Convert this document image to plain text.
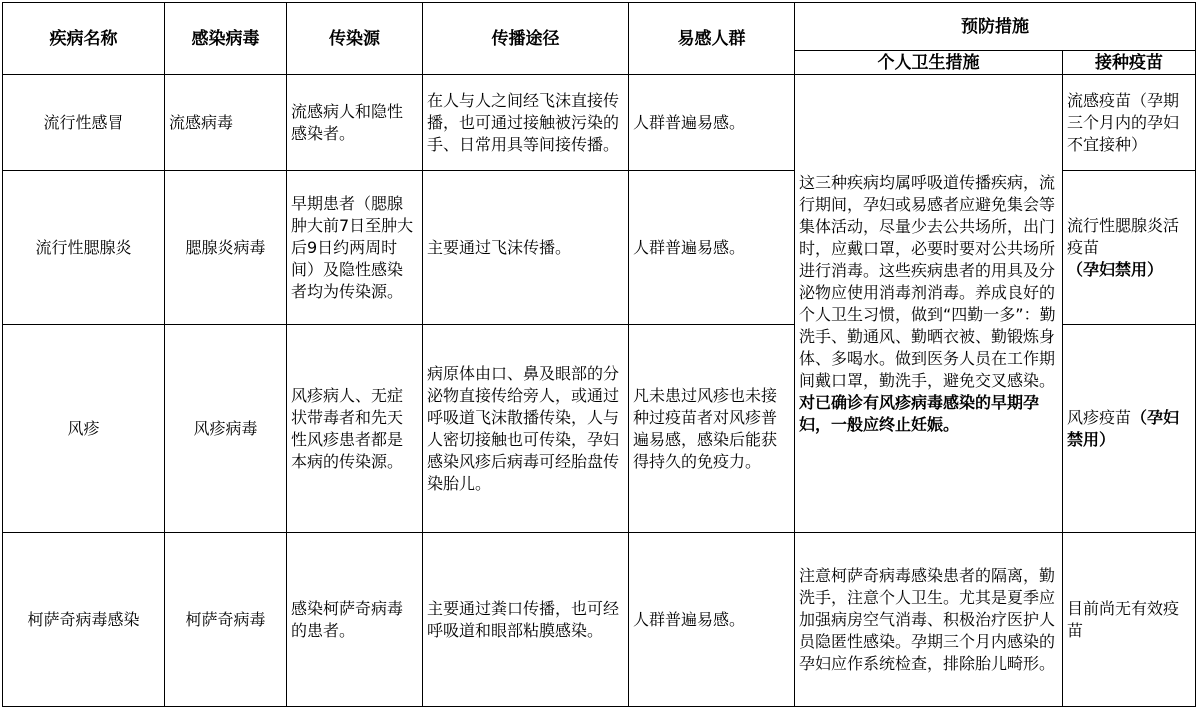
疾病名称	感染病毒	传染源	传播途径	易感人群	预防措施	
					个人卫生措施	接种疫苗
流行性感冒	流感病毒	流感病人和隐性感染者。	在人与人之间经飞沫直接传播，也可通过接触被污染的手、日常用具等间接传播。	人群普遍易感。	这三种疾病均属呼吸道传播疾病，流行期间，孕妇或易感者应避免集会等集体活动，尽量少去公共场所，出门时，应戴口罩，必要时要对公共场所进行消毒。这些疾病患者的用具及分泌物应使用消毒剂消毒。养成良好的个人卫生习惯，做到“四勤一多”：勤洗手、勤通风、勤晒衣被、勤锻炼身体、多喝水。做到医务人员在工作期间戴口罩，勤洗手，避免交叉感染。对已确诊有风疹病毒感染的早期孕妇，一般应终止妊娠。	流感疫苗（孕期三个月内的孕妇不宜接种）
流行性腮腺炎	腮腺炎病毒	早期患者（腮腺肿大前7日至肿大后9日约两周时间）及隐性感染者均为传染源。	主要通过飞沫传播。	人群普遍易感。		流行性腮腺炎活疫苗（孕妇禁用）
风疹	风疹病毒	风疹病人、无症状带毒者和先天性风疹患者都是本病的传染源。	病原体由口、鼻及眼部的分泌物直接传给旁人，或通过呼吸道飞沫散播传染，人与人密切接触也可传染，孕妇感染风疹后病毒可经胎盘传染胎儿。	凡未患过风疹也未接种过疫苗者对风疹普遍易感，感染后能获得持久的免疫力。		风疹疫苗（孕妇禁用）
柯萨奇病毒感染	柯萨奇病毒	感染柯萨奇病毒的患者。	主要通过粪口传播，也可经呼吸道和眼部粘膜感染。	人群普遍易感。	注意柯萨奇病毒感染患者的隔离，勤洗手，注意个人卫生。尤其是夏季应加强病房空气消毒、积极治疗医护人员隐匿性感染。孕期三个月内感染的孕妇应作系统检查，排除胎儿畸形。	目前尚无有效疫苗
